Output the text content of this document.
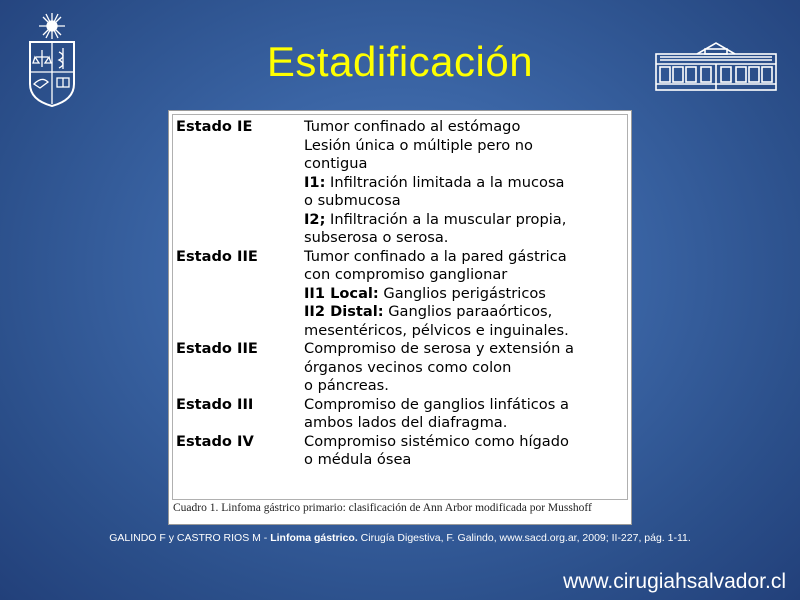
Estadificación
Estado IE	Tumor confinado al estómago
Lesión única o múltiple pero no
contigua
I1: Infiltración limitada a la mucosa
o submucosa
I2; Infiltración a la muscular propia,
subserosa o serosa.
Estado IIE	Tumor confinado a la pared gástrica
con compromiso ganglionar
II1 Local: Ganglios perigástricos
II2 Distal: Ganglios paraaórticos,
mesentéricos, pélvicos e inguinales.
Estado IIE	Compromiso de serosa y extensión a
órganos vecinos como colon
o páncreas.
Estado III	Compromiso de ganglios linfáticos a
ambos lados del diafragma.
Estado IV	Compromiso sistémico como hígado
o médula ósea
Cuadro 1. Linfoma gástrico primario: clasificación de Ann Arbor modificada por Musshoff
GALINDO F y CASTRO RIOS M - Linfoma gástrico. Cirugía Digestiva, F. Galindo, www.sacd.org.ar, 2009; II-227, pág. 1-11.
www.cirugiahsalvador.cl
